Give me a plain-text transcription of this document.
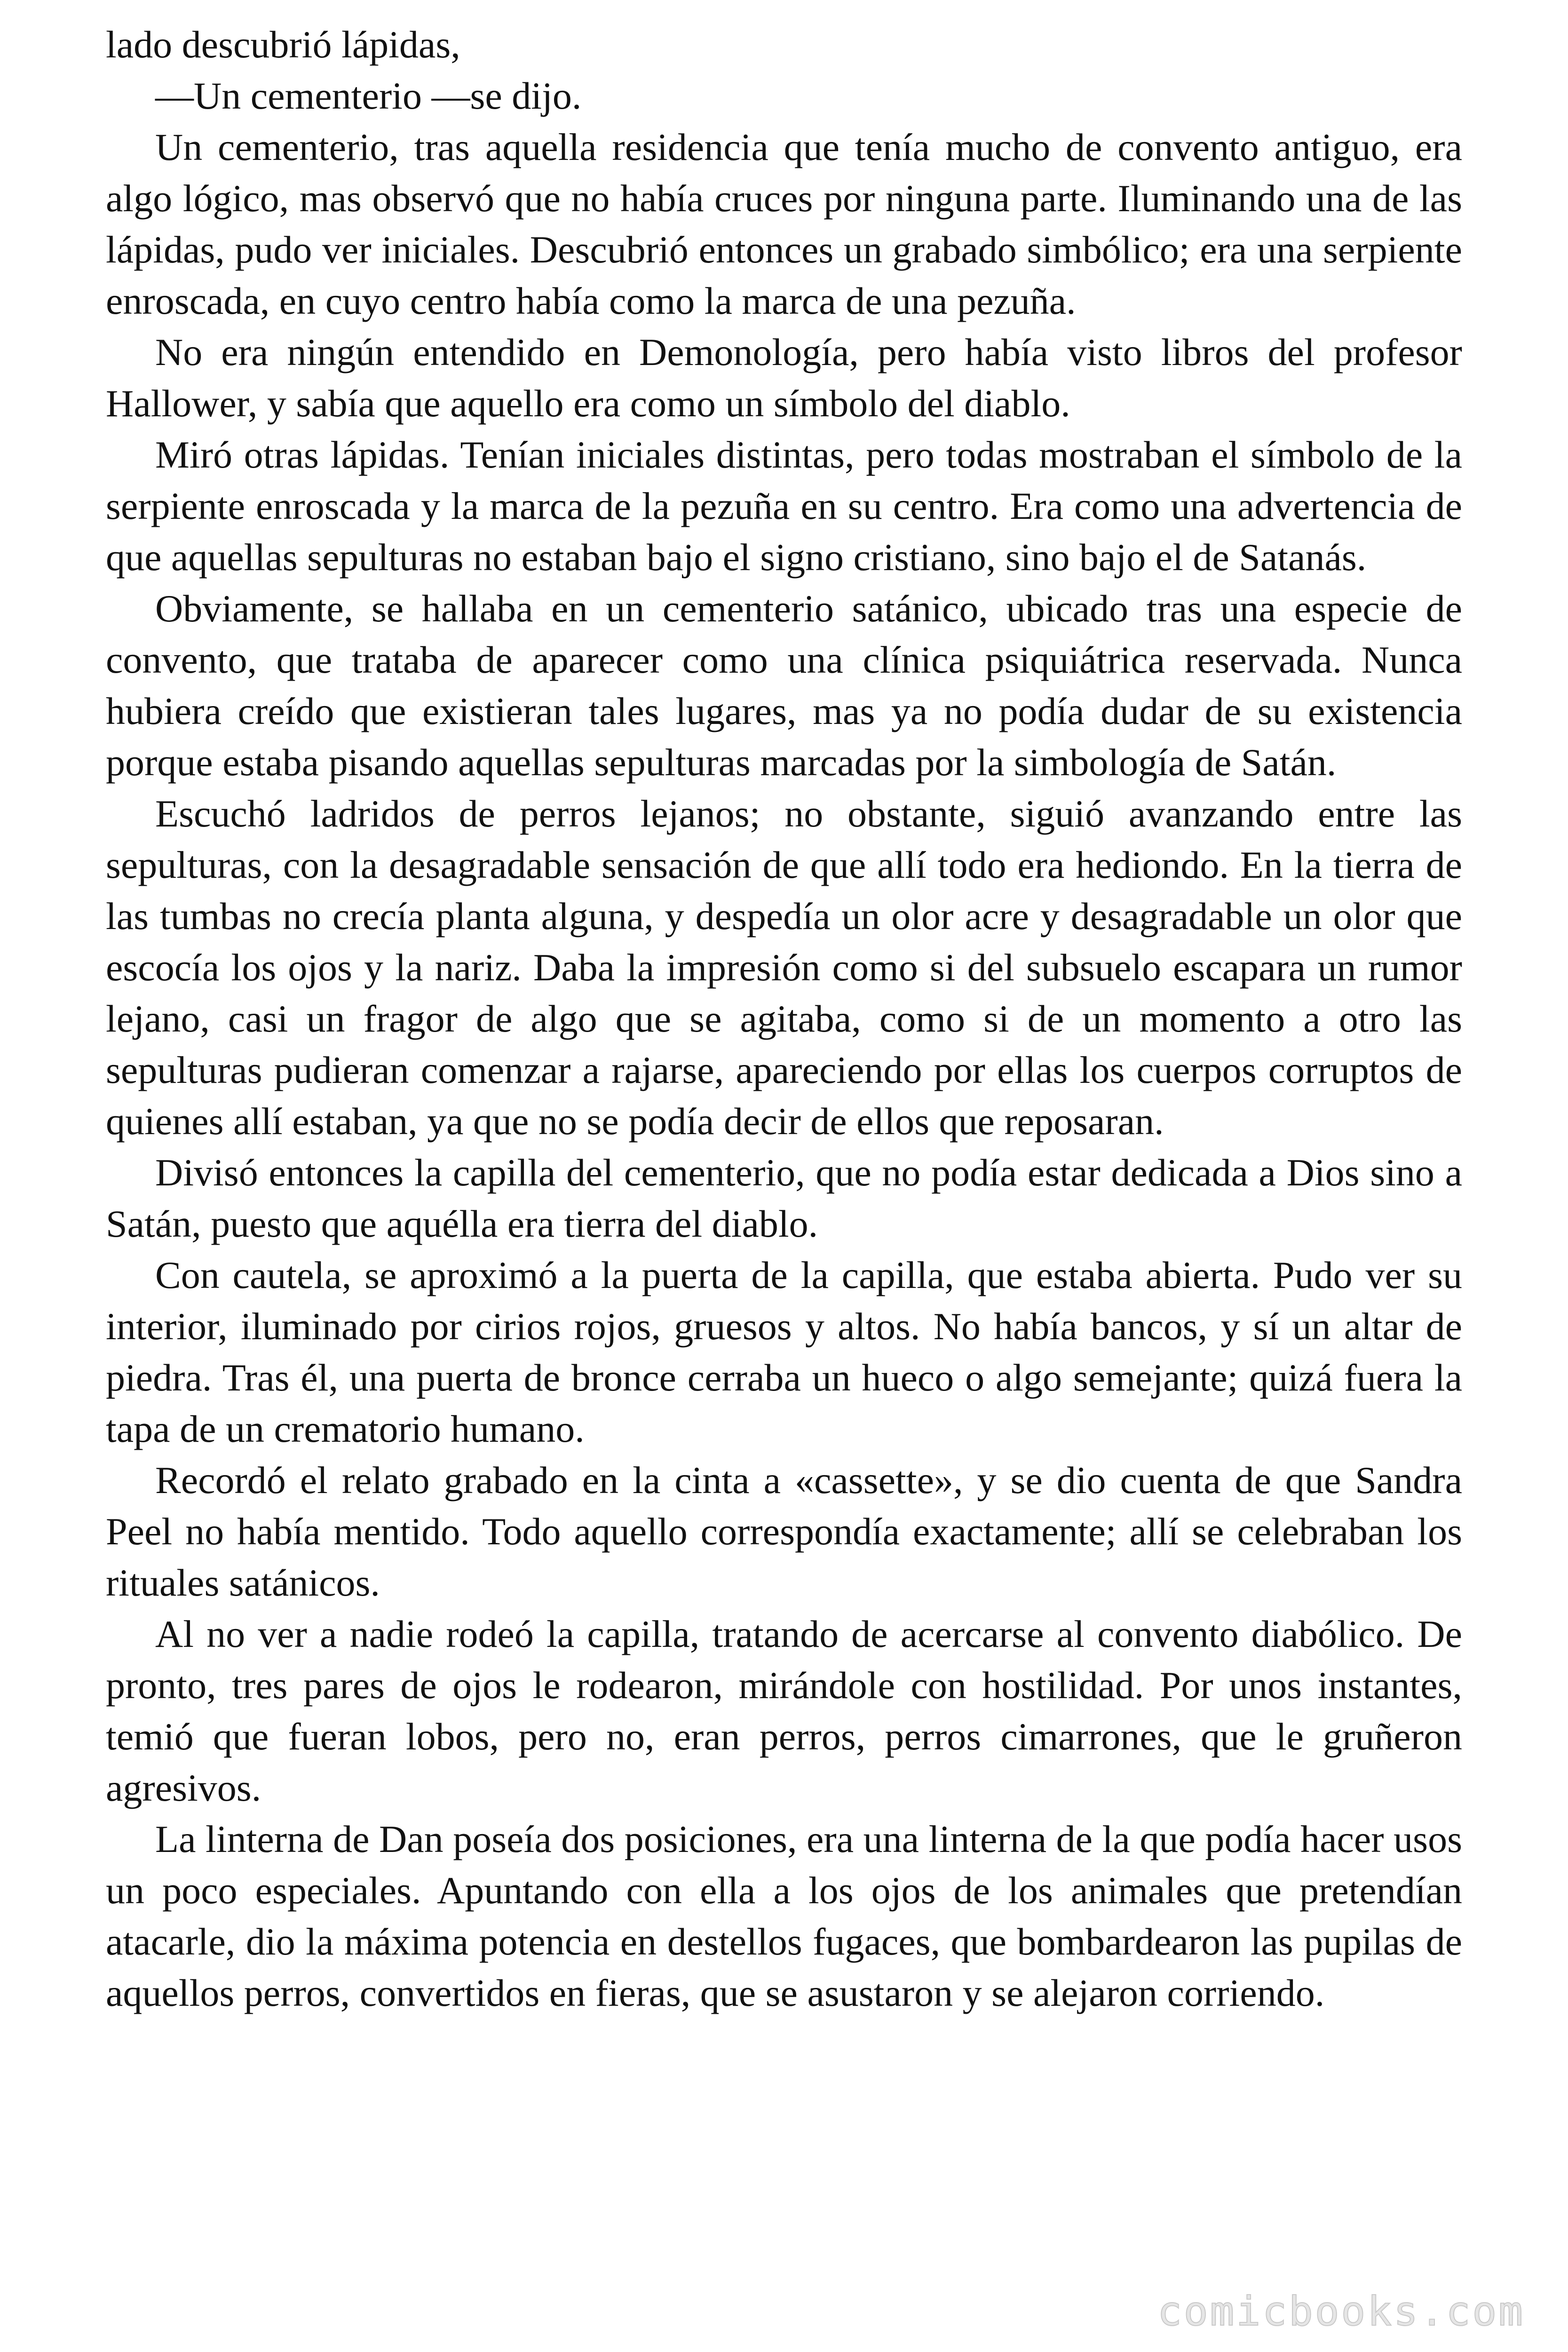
lado descubrió lápidas,

—Un cementerio —se dijo.

Un cementerio, tras aquella residencia que tenía mucho de convento antiguo, era algo lógico, mas observó que no había cruces por ninguna parte. Iluminando una de las lápidas, pudo ver iniciales. Descubrió entonces un grabado simbólico; era una serpiente enroscada, en cuyo centro había como la marca de una pezuña.

No era ningún entendido en Demonología, pero había visto libros del profesor Hallower, y sabía que aquello era como un símbolo del diablo.

Miró otras lápidas. Tenían iniciales distintas, pero todas mostraban el símbolo de la serpiente enroscada y la marca de la pezuña en su centro. Era como una advertencia de que aquellas sepulturas no estaban bajo el signo cristiano, sino bajo el de Satanás.

Obviamente, se hallaba en un cementerio satánico, ubicado tras una especie de convento, que trataba de aparecer como una clínica psiquiátrica reservada. Nunca hubiera creído que existieran tales lugares, mas ya no podía dudar de su existencia porque estaba pisando aquellas sepulturas marcadas por la simbología de Satán.

Escuchó ladridos de perros lejanos; no obstante, siguió avanzando entre las sepulturas, con la desagradable sensación de que allí todo era hediondo. En la tierra de las tumbas no crecía planta alguna, y despedía un olor acre y desagradable un olor que escocía los ojos y la nariz. Daba la impresión como si del subsuelo escapara un rumor lejano, casi un fragor de algo que se agitaba, como si de un momento a otro las sepulturas pudieran comenzar a rajarse, apareciendo por ellas los cuerpos corruptos de quienes allí estaban, ya que no se podía decir de ellos que reposaran.

Divisó entonces la capilla del cementerio, que no podía estar dedicada a Dios sino a Satán, puesto que aquélla era tierra del diablo.

Con cautela, se aproximó a la puerta de la capilla, que estaba abierta. Pudo ver su interior, iluminado por cirios rojos, gruesos y altos. No había bancos, y sí un altar de piedra. Tras él, una puerta de bronce cerraba un hueco o algo semejante; quizá fuera la tapa de un crematorio humano.

Recordó el relato grabado en la cinta a «cassette», y se dio cuenta de que Sandra Peel no había mentido. Todo aquello correspondía exactamente; allí se celebraban los rituales satánicos.

Al no ver a nadie rodeó la capilla, tratando de acercarse al convento diabólico. De pronto, tres pares de ojos le rodearon, mirándole con hostilidad. Por unos instantes, temió que fueran lobos, pero no, eran perros, perros cimarrones, que le gruñeron agresivos.

La linterna de Dan poseía dos posiciones, era una linterna de la que podía hacer usos un poco especiales. Apuntando con ella a los ojos de los animales que pretendían atacarle, dio la máxima potencia en destellos fugaces, que bombardearon las pupilas de aquellos perros, convertidos en fieras, que se asustaron y se alejaron corriendo.

comicbooks.com
